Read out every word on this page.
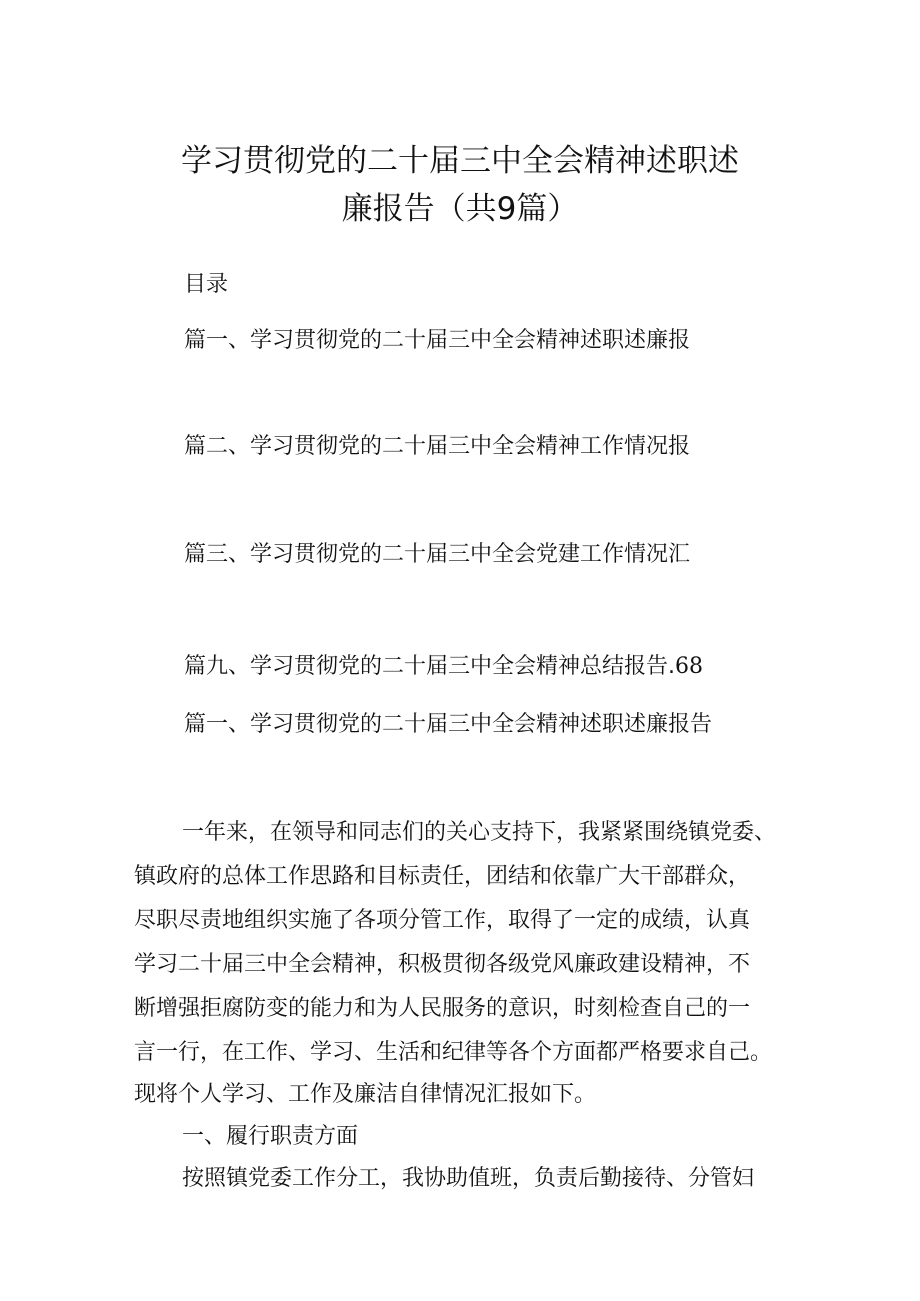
学习贯彻党的二十届三中全会精神述职述
廉报告（共9篇）
目录
篇一、学习贯彻党的二十届三中全会精神述职述廉报
篇二、学习贯彻党的二十届三中全会精神工作情况报
篇三、学习贯彻党的二十届三中全会党建工作情况汇
篇九、学习贯彻党的二十届三中全会精神总结报告.68
篇一、学习贯彻党的二十届三中全会精神述职述廉报告
一年来，在领导和同志们的关心支持下，我紧紧围绕镇党委、
镇政府的总体工作思路和目标责任，团结和依靠广大干部群众，
尽职尽责地组织实施了各项分管工作，取得了一定的成绩，认真
学习二十届三中全会精神，积极贯彻各级党风廉政建设精神，不
断增强拒腐防变的能力和为人民服务的意识，时刻检查自己的一
言一行，在工作、学习、生活和纪律等各个方面都严格要求自己。
现将个人学习、工作及廉洁自律情况汇报如下。
一、履行职责方面
按照镇党委工作分工，我协助值班，负责后勤接待、分管妇
